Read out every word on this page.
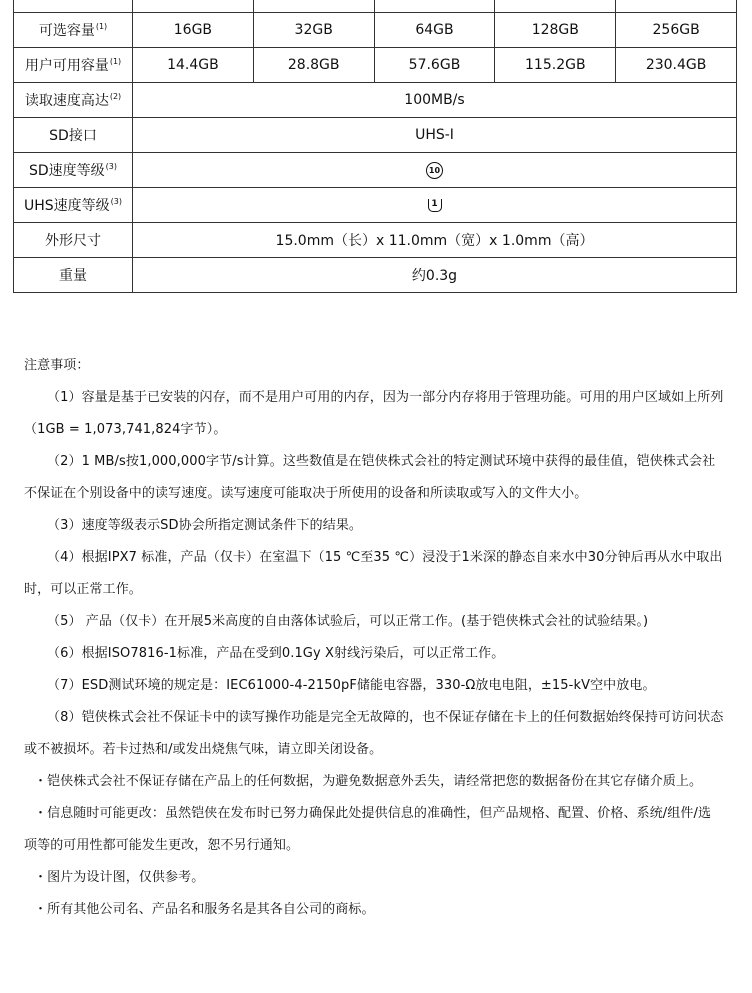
可选容量$^{(1)}$	16GB	32GB	64GB	128GB	256GB
用户可用容量$^{(1)}$	14.4GB	28.8GB	57.6GB	115.2GB	230.4GB
读取速度高达$^{(2)}$	100MB/s				
SD接口	UHS-I				
SD速度等级$^{(3)}$	10				
UHS速度等级$^{(3)}$	1				
外形尺寸	15.0mm（长）x 11.0mm（宽）x 1.0mm（高）				
重量	约0.3g				

注意事项：

（1）容量是基于已安装的闪存，而不是用户可用的内存，因为一部分内存将用于管理功能。可用的用户区域如上所列（1GB = 1,073,741,824字节）。

（2）1 MB/s按1,000,000字节/s计算。这些数值是在铠侠株式会社的特定测试环境中获得的最佳值，铠侠株式会社不保证在个别设备中的读写速度。读写速度可能取决于所使用的设备和所读取或写入的文件大小。

（3）速度等级表示SD协会所指定测试条件下的结果。

（4）根据IPX7 标准，产品（仅卡）在室温下（15 ℃至35 ℃）浸没于1米深的静态自来水中30分钟后再从水中取出时，可以正常工作。

（5） 产品（仅卡）在开展5米高度的自由落体试验后，可以正常工作。(基于铠侠株式会社的试验结果。)

（6）根据ISO7816-1标准，产品在受到0.1Gy X射线污染后，可以正常工作。

（7）ESD测试环境的规定是：IEC61000-4-2150pF储能电容器，330-Ω放电电阻，±15-kV空中放电。

（8）铠侠株式会社不保证卡中的读写操作功能是完全无故障的，也不保证存储在卡上的任何数据始终保持可访问状态或不被损坏。若卡过热和/或发出烧焦气味，请立即关闭设备。

・铠侠株式会社不保证存储在产品上的任何数据，为避免数据意外丢失，请经常把您的数据备份在其它存储介质上。

・信息随时可能更改：虽然铠侠在发布时已努力确保此处提供信息的准确性，但产品规格、配置、价格、系统/组件/选项等的可用性都可能发生更改，恕不另行通知。

・图片为设计图，仅供参考。

・所有其他公司名、产品名和服务名是其各自公司的商标。
